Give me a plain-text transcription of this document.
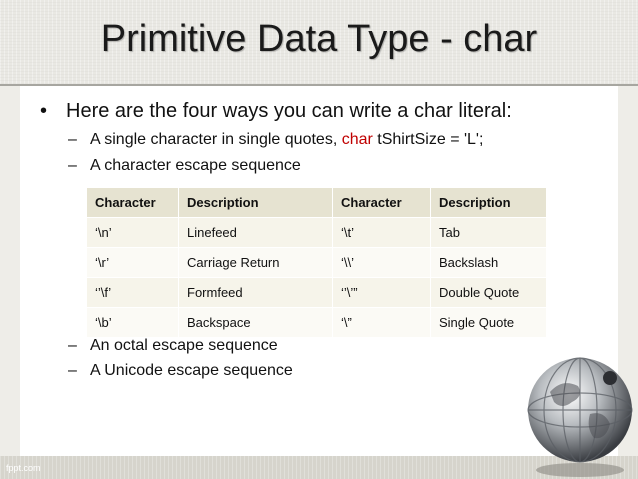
Primitive Data Type - char
• Here are the four ways you can write a char literal:
– A single character in single quotes, char tShirtSize = 'L';
– A character escape sequence
Character	Description	Character	Description
‘\n’	Linefeed	‘\t’	Tab
‘\r’	Carriage Return	‘\\’	Backslash
‘’\f’	Formfeed	‘’\’”	Double Quote
‘\b’	Backspace	‘\”	Single Quote
– An octal escape sequence
– A Unicode escape sequence
fppt.com
